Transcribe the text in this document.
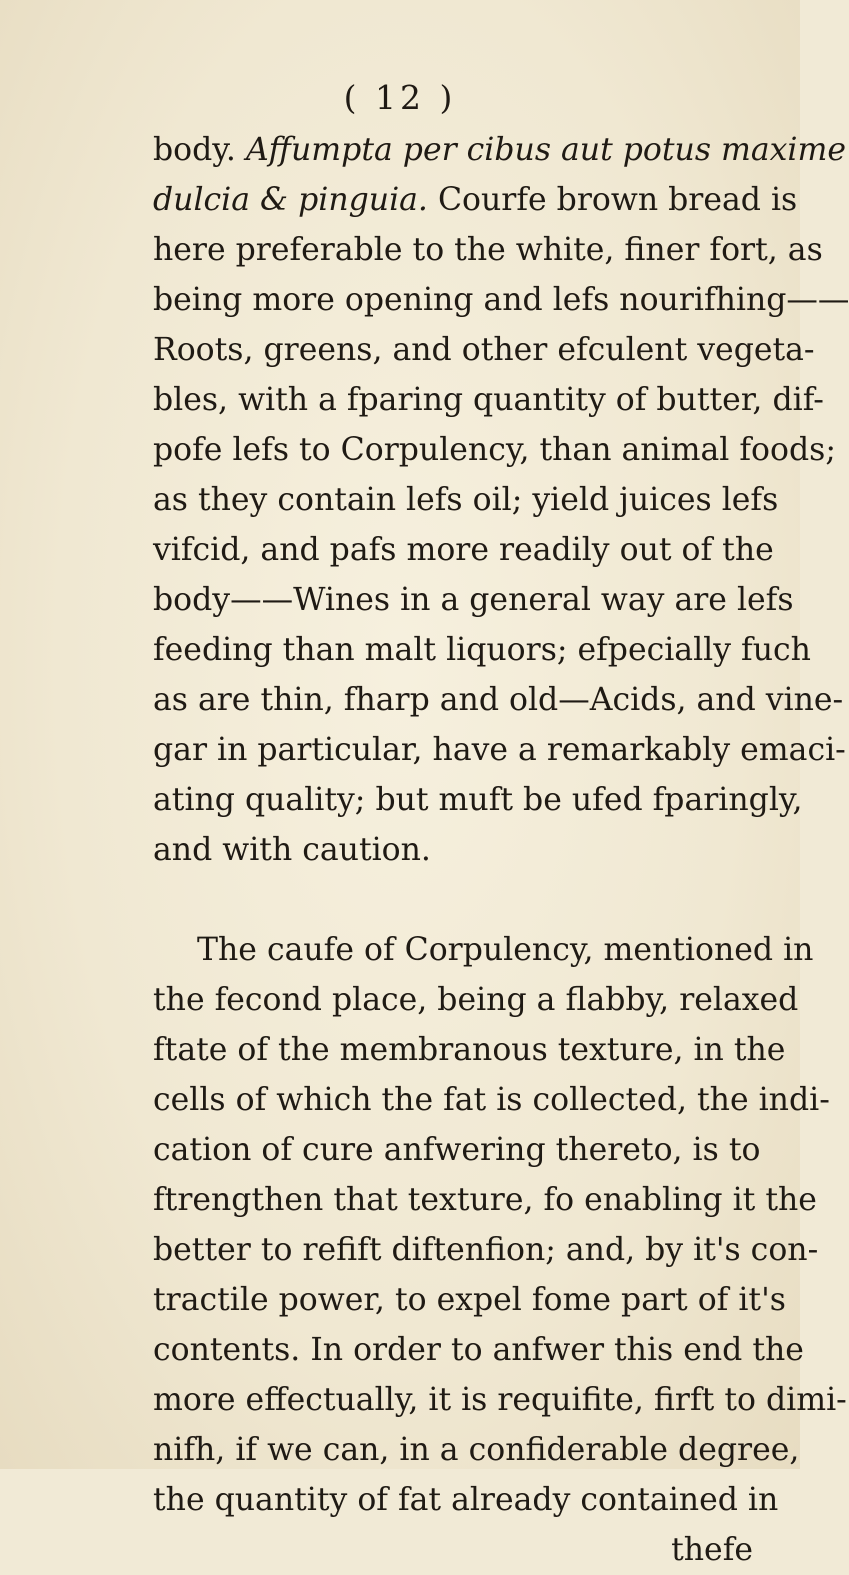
( 12 )
body. Affumpta per cibus aut potus maxime
dulcia & pinguia. Courfe brown bread is
here preferable to the white, finer fort, as
being more opening and lefs nourifhing——
Roots, greens, and other efculent vegeta-
bles, with a fparing quantity of butter, dif-
pofe lefs to Corpulency, than animal foods;
as they contain lefs oil; yield juices lefs
vifcid, and pafs more readily out of the
body——Wines in a general way are lefs
feeding than malt liquors; efpecially fuch
as are thin, fharp and old—Acids, and vine-
gar in particular, have a remarkably emaci-
ating quality; but muft be ufed fparingly,
and with caution.
The caufe of Corpulency, mentioned in
the fecond place, being a flabby, relaxed
ftate of the membranous texture, in the
cells of which the fat is collected, the indi-
cation of cure anfwering thereto, is to
ftrengthen that texture, fo enabling it the
better to refift diftenfion; and, by it's con-
tractile power, to expel fome part of it's
contents. In order to anfwer this end the
more effectually, it is requifite, firft to dimi-
nifh, if we can, in a confiderable degree,
the quantity of fat already contained in
thefe
